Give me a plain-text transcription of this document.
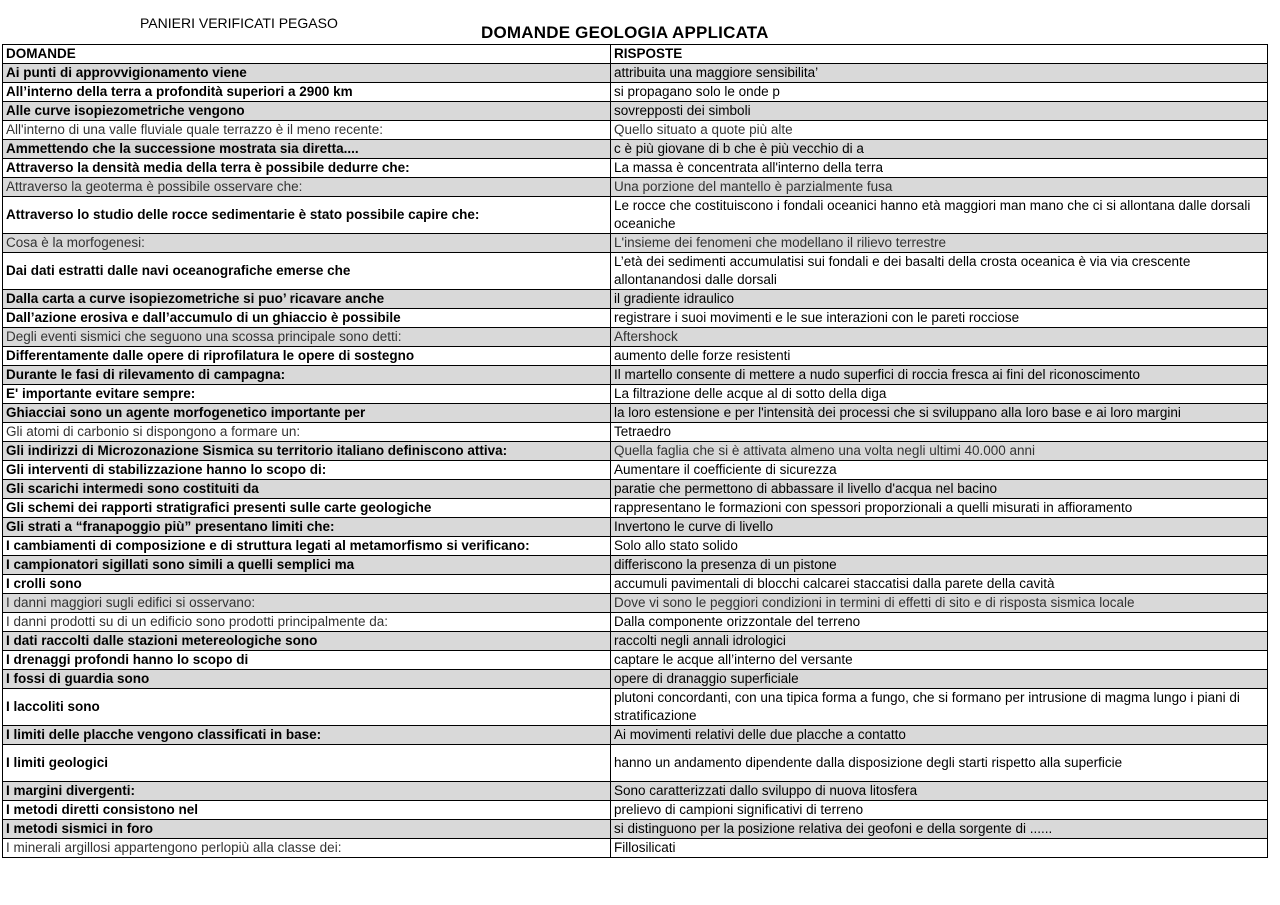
PANIERI VERIFICATI PEGASO	DOMANDE GEOLOGIA APPLICATA
DOMANDE	RISPOSTE
Ai punti di approvvigionamento viene	attribuita una maggiore sensibilita’
All’interno della terra a profondità superiori a 2900 km	si propagano solo le onde p
Alle curve isopiezometriche vengono	sovrepposti dei simboli
All'interno di una valle fluviale quale terrazzo è il meno recente:	Quello situato a quote più alte
Ammettendo che la successione mostrata sia diretta....	c è più giovane di b che è più vecchio di a
Attraverso la densità media della terra è possibile dedurre che:	La massa è concentrata all'interno della terra
Attraverso la geoterma è possibile osservare che:	Una porzione del mantello è parzialmente fusa
Attraverso lo studio delle rocce sedimentarie è stato possibile capire che:	Le rocce che costituiscono i fondali oceanici hanno età maggiori man mano che ci si allontana dalle dorsali oceaniche
Cosa è la morfogenesi:	L'insieme dei fenomeni che modellano il rilievo terrestre
Dai dati estratti dalle navi oceanografiche emerse che	L’età dei sedimenti accumulatisi sui fondali e dei basalti della crosta oceanica è via via crescente allontanandosi dalle dorsali
Dalla carta a curve isopiezometriche si puo’ ricavare anche	il gradiente idraulico
Dall’azione erosiva e dall’accumulo di un ghiaccio è possibile	registrare i suoi movimenti e le sue interazioni con le pareti rocciose
Degli eventi sismici che seguono una scossa principale sono detti:	Aftershock
Differentamente dalle opere di riprofilatura le opere di sostegno	aumento delle forze resistenti
Durante le fasi di rilevamento di campagna:	Il martello consente di mettere a nudo superfici di roccia fresca ai fini del riconoscimento
E' importante evitare sempre:	La filtrazione delle acque al di sotto della diga
Ghiacciai sono un agente morfogenetico importante per	la loro estensione e per l'intensità dei processi che si sviluppano alla loro base e ai loro margini
Gli atomi di carbonio si dispongono a formare un:	Tetraedro
Gli indirizzi di Microzonazione Sismica su territorio italiano definiscono attiva:	Quella faglia che si è attivata almeno una volta negli ultimi 40.000 anni
Gli interventi di stabilizzazione hanno lo scopo di:	Aumentare il coefficiente di sicurezza
Gli scarichi intermedi sono costituiti da	paratie che permettono di abbassare il livello d'acqua nel bacino
Gli schemi dei rapporti stratigrafici presenti sulle carte geologiche	rappresentano le formazioni con spessori proporzionali a quelli misurati in affioramento
Gli strati a “franapoggio più” presentano limiti che:	Invertono le curve di livello
I cambiamenti di composizione e di struttura legati al metamorfismo si verificano:	Solo allo stato solido
I campionatori sigillati sono simili a quelli semplici ma	differiscono la presenza di un pistone
I crolli sono	accumuli pavimentali di blocchi calcarei staccatisi dalla parete della cavità
I danni maggiori sugli edifici si osservano:	Dove vi sono le peggiori condizioni in termini di effetti di sito e di risposta sismica locale
I danni prodotti su di un edificio sono prodotti principalmente da:	Dalla componente orizzontale del terreno
I dati raccolti dalle stazioni metereologiche sono	raccolti negli annali idrologici
I drenaggi profondi hanno lo scopo di	captare le acque all’interno del versante
I fossi di guardia sono	opere di dranaggio superficiale
I laccoliti sono	plutoni concordanti, con una tipica forma a fungo, che si formano per intrusione di magma lungo i piani di stratificazione
I limiti delle placche vengono classificati in base:	Ai movimenti relativi delle due placche a contatto
I limiti geologici	hanno un andamento dipendente dalla disposizione degli starti rispetto alla superficie
I margini divergenti:	Sono caratterizzati dallo sviluppo di nuova litosfera
I metodi diretti consistono nel	prelievo di campioni significativi di terreno
I metodi sismici in foro	si distinguono per la posizione relativa dei geofoni e della sorgente di ......
I minerali argillosi appartengono perlopiù alla classe dei:	Fillosilicati
